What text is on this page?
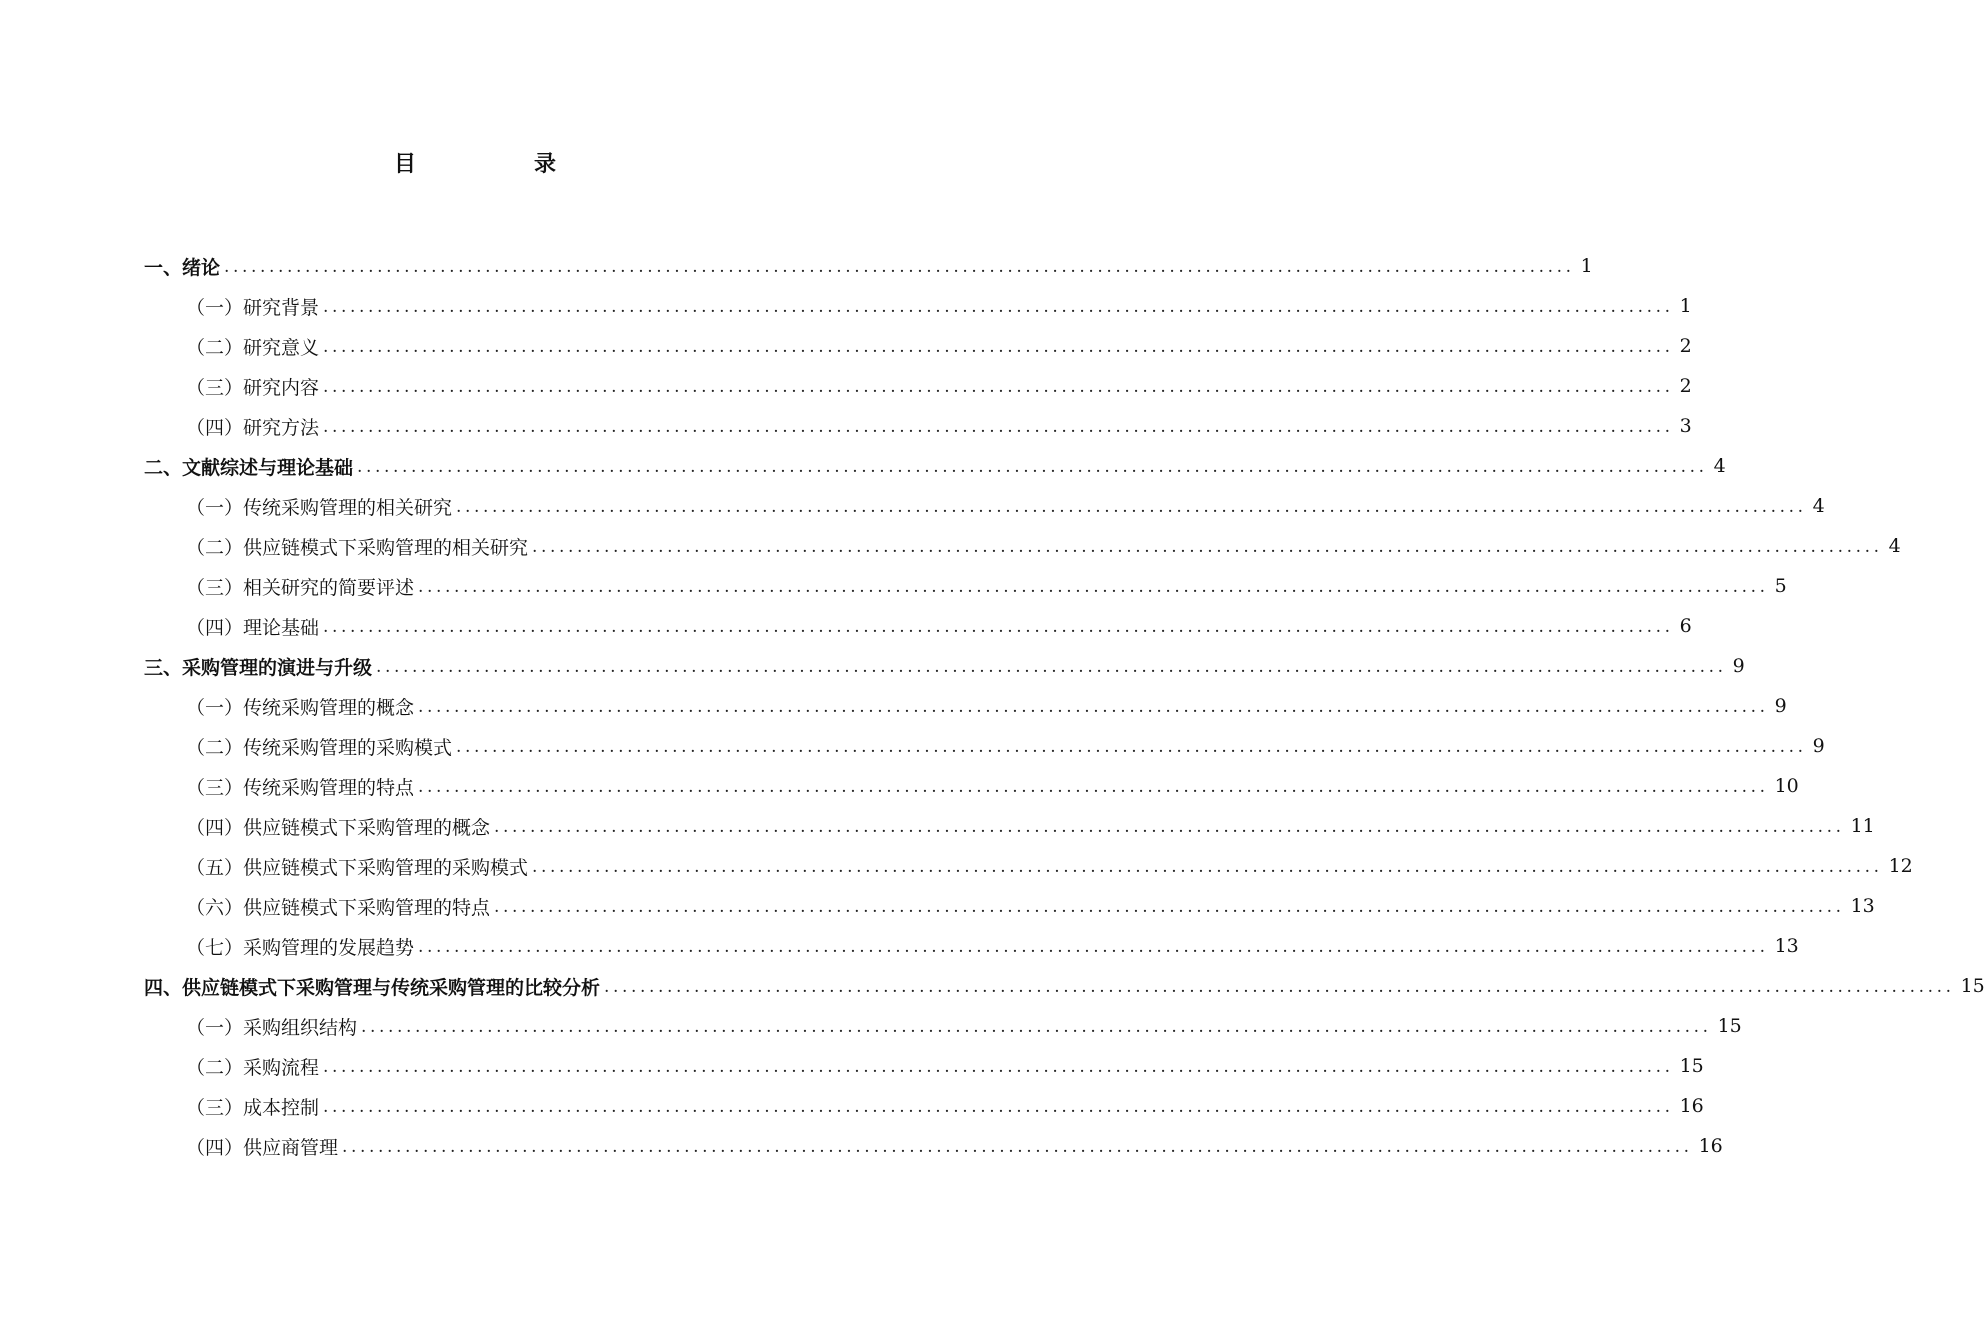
目　录
一、绪论 ...................................................................................................................................................... 1
（一）研究背景 ...................................................................................................................................................... 1
（二）研究意义 ...................................................................................................................................................... 2
（三）研究内容 ...................................................................................................................................................... 2
（四）研究方法 ...................................................................................................................................................... 3
二、文献综述与理论基础 ...................................................................................................................................................... 4
（一）传统采购管理的相关研究 ...................................................................................................................................................... 4
（二）供应链模式下采购管理的相关研究 ...................................................................................................................................................... 4
（三）相关研究的简要评述 ...................................................................................................................................................... 5
（四）理论基础 ...................................................................................................................................................... 6
三、采购管理的演进与升级 ...................................................................................................................................................... 9
（一）传统采购管理的概念 ...................................................................................................................................................... 9
（二）传统采购管理的采购模式 ...................................................................................................................................................... 9
（三）传统采购管理的特点 ...................................................................................................................................................... 10
（四）供应链模式下采购管理的概念 ...................................................................................................................................................... 11
（五）供应链模式下采购管理的采购模式 ...................................................................................................................................................... 12
（六）供应链模式下采购管理的特点 ...................................................................................................................................................... 13
（七）采购管理的发展趋势 ...................................................................................................................................................... 13
四、供应链模式下采购管理与传统采购管理的比较分析 ...................................................................................................................................................... 15
（一）采购组织结构 ...................................................................................................................................................... 15
（二）采购流程 ...................................................................................................................................................... 15
（三）成本控制 ...................................................................................................................................................... 16
（四）供应商管理 ...................................................................................................................................................... 16
